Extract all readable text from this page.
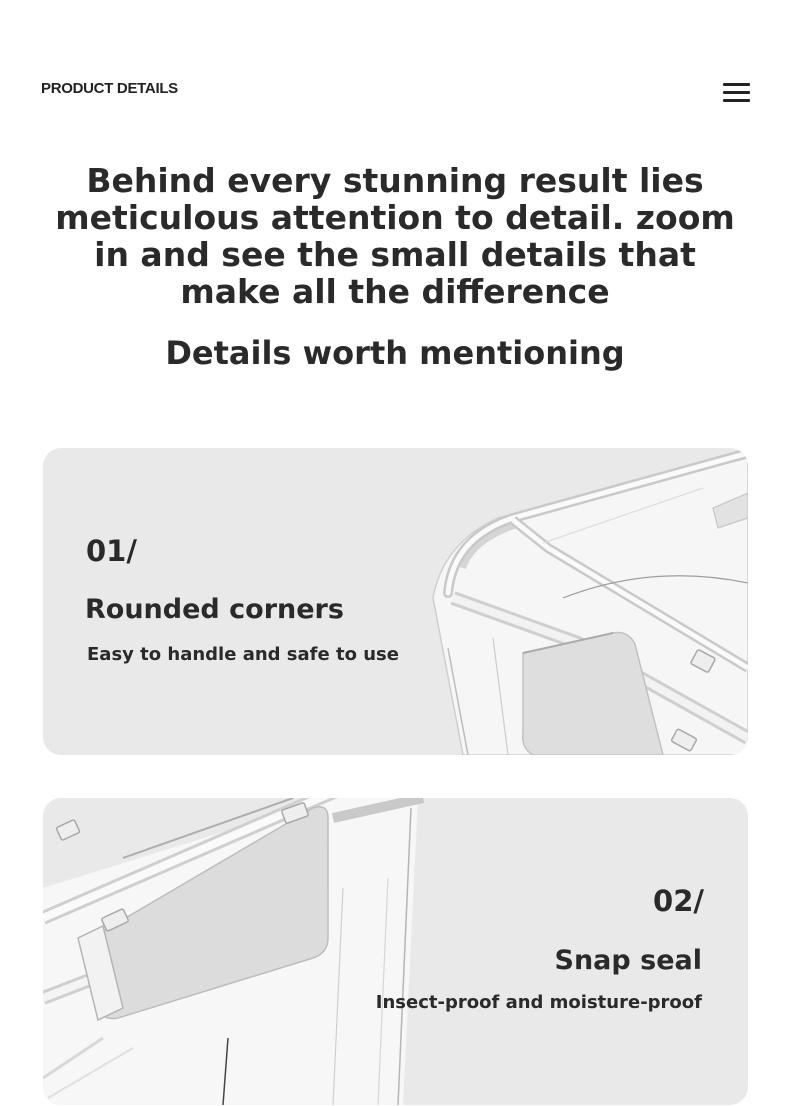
PRODUCT DETAILS
Behind every stunning result lies meticulous attention to detail. zoom in and see the small details that make all the difference
Details worth mentioning
01/
Rounded corners
Easy to handle and safe to use
02/
Snap seal
Insect-proof and moisture-proof
